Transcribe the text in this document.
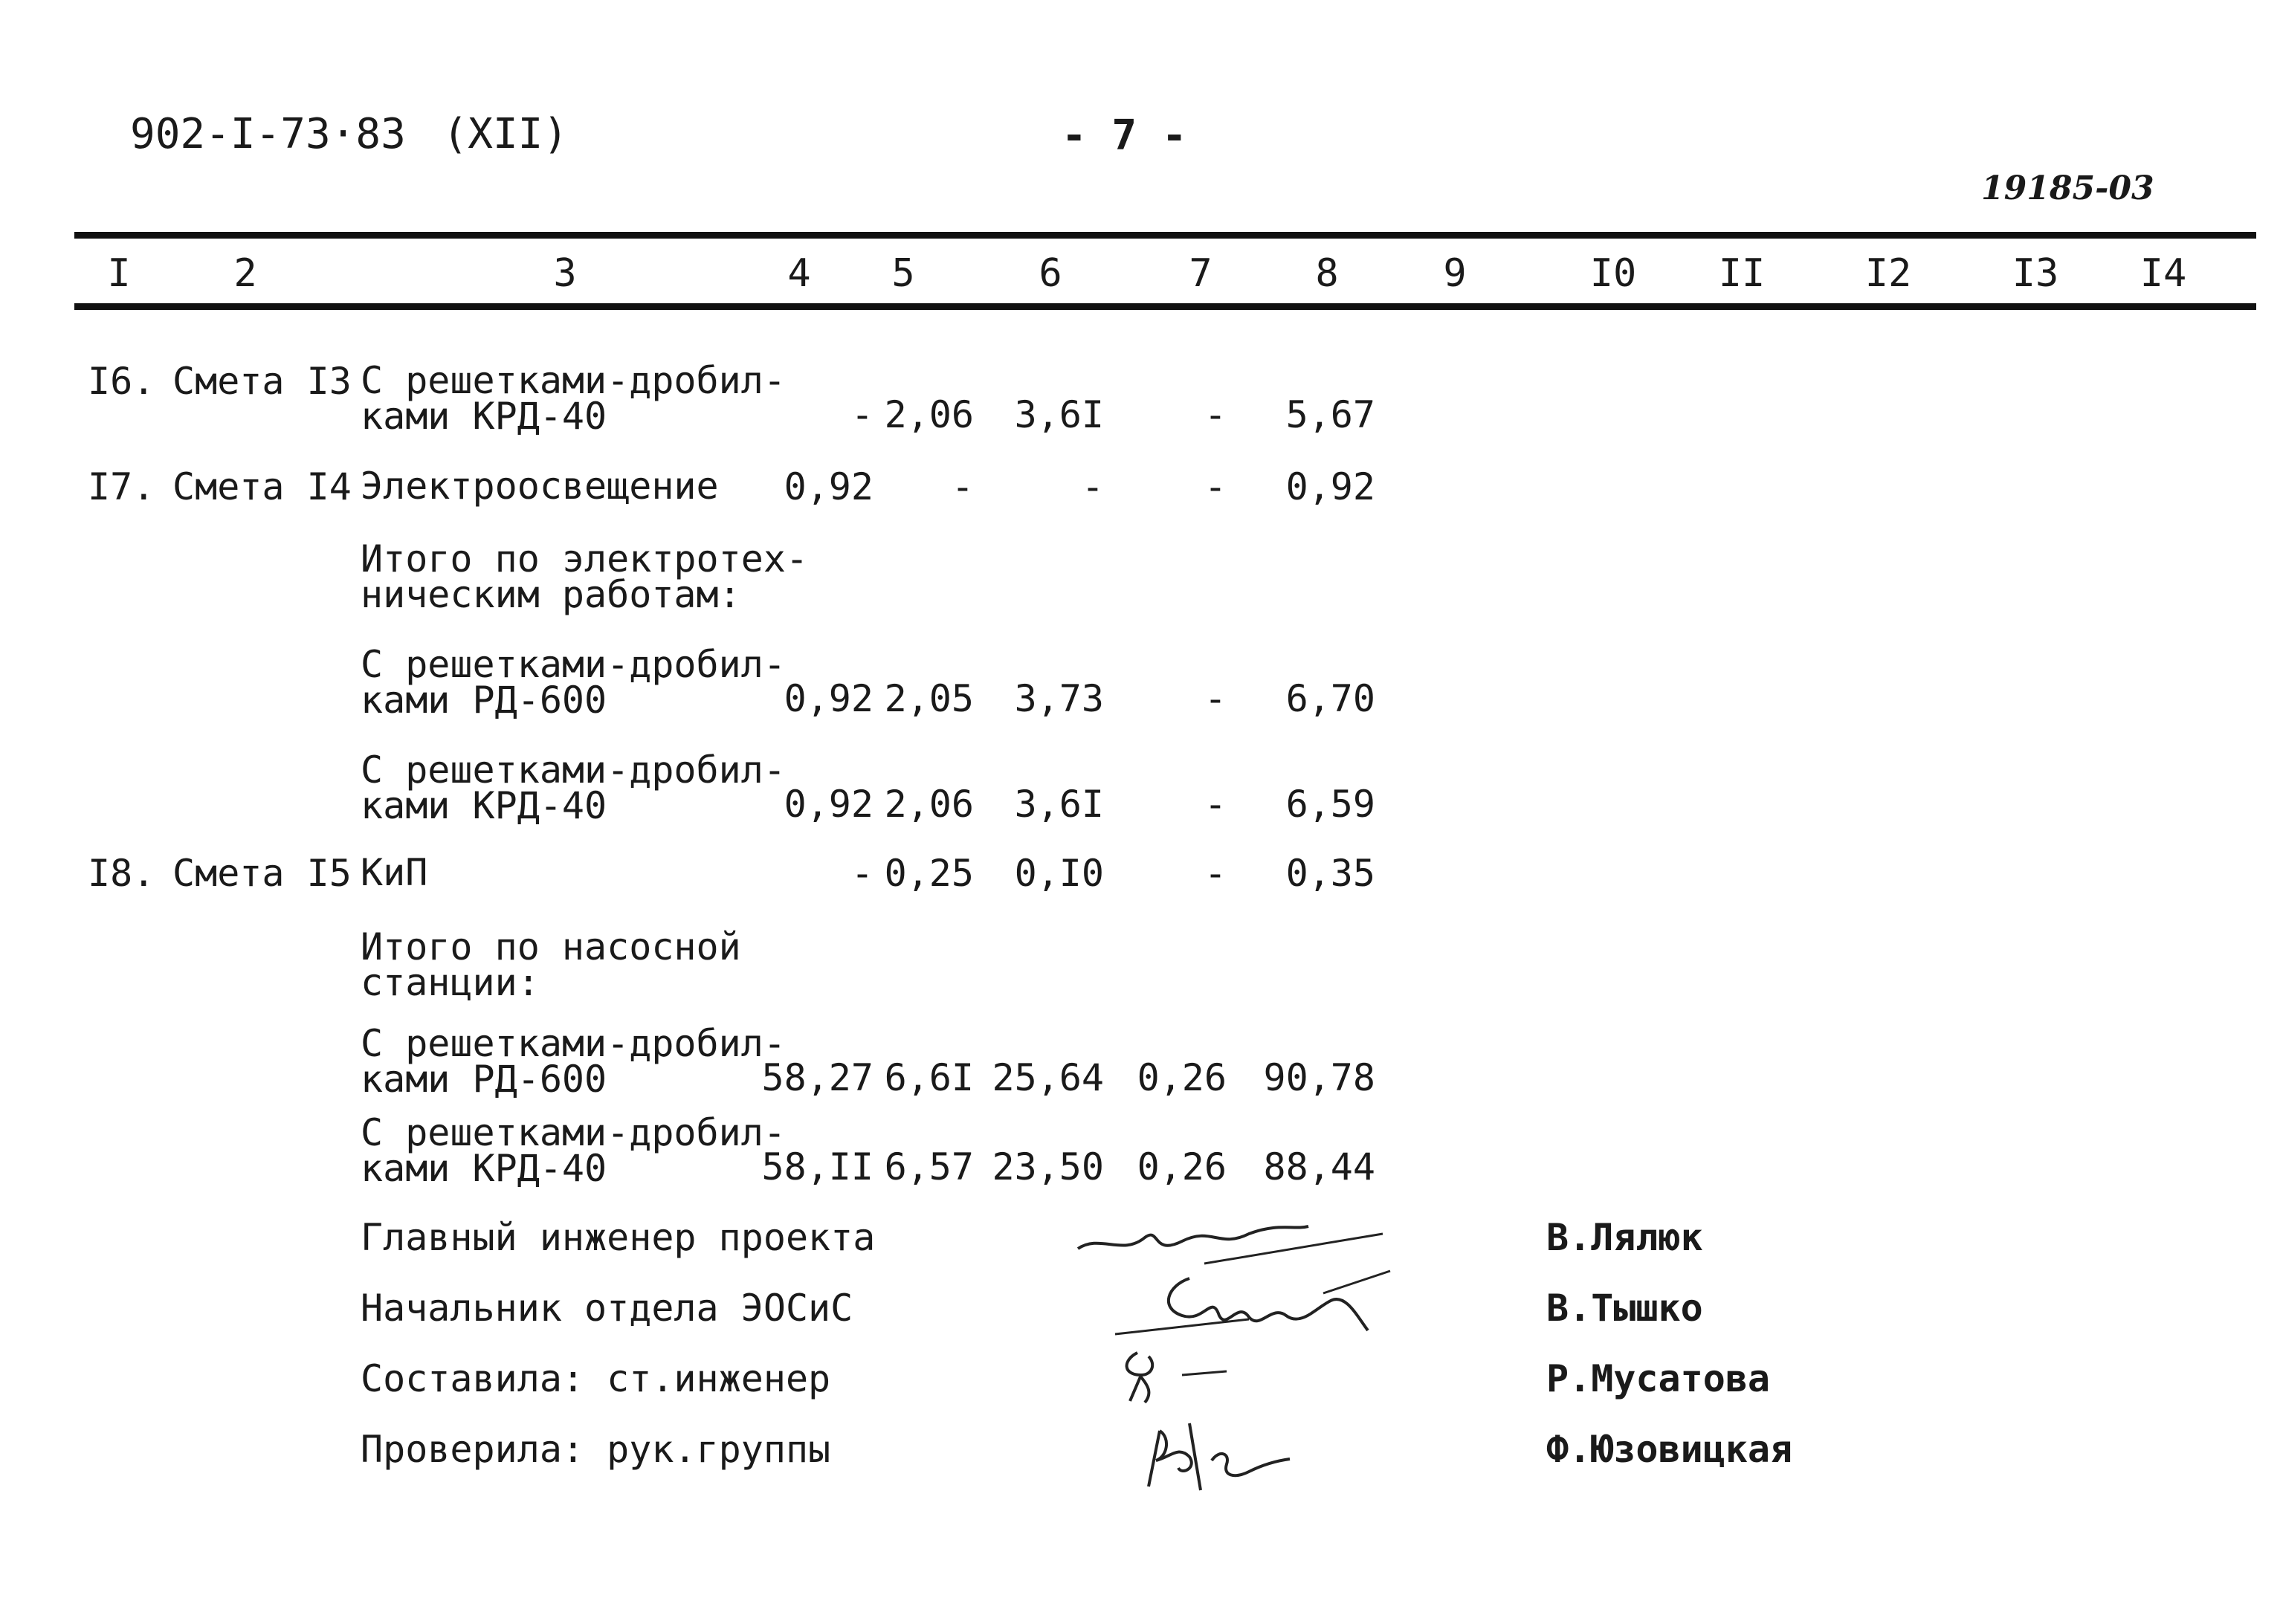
902-I-73·83 (XII)	- 7 -
19185-03
I	2	3	4 5	6	7	8	9	I0 II	I2	I3 I4
I6. Смета I3 С решетками-дробил-
ками КРД-40	- 2,06 3,6I	- 5,67
I7. Смета I4 Электроосвещение 0,92 -	-	- 0,92
Итого по электротех-
ническим работам:
С решетками-дробил-
ками РД-600	0,92 2,05 3,73	- 6,70
С решетками-дробил-
ками КРД-40	0,92 2,06 3,6I	- 6,59
I8. Смета I5 КиП	- 0,25 0,I0	- 0,35
Итого по насосной
станции:
С решетками-дробил-
ками РД-600	58,27 6,6I 25,64 0,26 90,78
С решетками-дробил-
ками КРД-40	58,II 6,57 23,50 0,26 88,44
Главный инженер проекта	В.Лялюк
Начальник отдела ЭОСиС	В.Тышко
Составила: ст.инженер	Р.Мусатова
Проверила: рук.группы	Ф.Юзовицкая
